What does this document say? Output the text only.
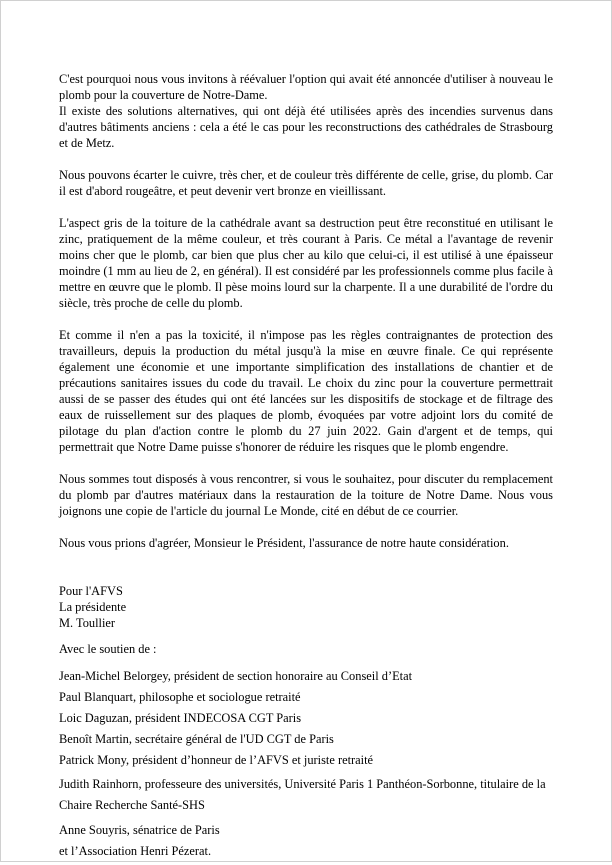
C'est pourquoi nous vous invitons à réévaluer l'option qui avait été annoncée d'utiliser à nouveau le plomb pour la couverture de Notre-Dame.

Il existe des solutions alternatives, qui ont déjà été utilisées après des incendies survenus dans d'autres bâtiments anciens : cela a été le cas pour les reconstructions des cathédrales de Strasbourg et de Metz.

Nous pouvons écarter le cuivre, très cher, et de couleur très différente de celle, grise, du plomb. Car il est d'abord rougeâtre, et peut devenir vert bronze en vieillissant.

L'aspect gris de la toiture de la cathédrale avant sa destruction peut être reconstitué en utilisant le zinc, pratiquement de la même couleur, et très courant à Paris. Ce métal a l'avantage de revenir moins cher que le plomb, car bien que plus cher au kilo que celui-ci, il est utilisé à une épaisseur moindre (1 mm au lieu de 2, en général). Il est considéré par les professionnels comme plus facile à mettre en œuvre que le plomb. Il pèse moins lourd sur la charpente. Il a une durabilité de l'ordre du siècle, très proche de celle du plomb.

Et comme il n'en a pas la toxicité, il n'impose pas les règles contraignantes de protection des travailleurs, depuis la production du métal jusqu'à la mise en œuvre finale. Ce qui représente également une économie et une importante simplification des installations de chantier et de précautions sanitaires issues du code du travail. Le choix du zinc pour la couverture permettrait aussi de se passer des études qui ont été lancées sur les dispositifs de stockage et de filtrage des eaux de ruissellement sur des plaques de plomb, évoquées par votre adjoint lors du comité de pilotage du plan d'action contre le plomb du 27 juin 2022. Gain d'argent et de temps, qui permettrait que Notre Dame puisse s'honorer de réduire les risques que le plomb engendre.

Nous sommes tout disposés à vous rencontrer, si vous le souhaitez, pour discuter du remplacement du plomb par d'autres matériaux dans la restauration de la toiture de Notre Dame. Nous vous joignons une copie de l'article du journal Le Monde, cité en début de ce courrier.

Nous vous prions d'agréer, Monsieur le Président, l'assurance de notre haute considération.

Pour l'AFVS

La présidente

M. Toullier

Avec le soutien de :

Jean-Michel Belorgey, président de section honoraire au Conseil d’Etat

Paul Blanquart, philosophe et sociologue retraité

Loic Daguzan, président INDECOSA CGT Paris

Benoît Martin, secrétaire général de l'UD CGT de Paris

Patrick Mony, président d’honneur de l’AFVS et juriste retraité

Judith Rainhorn, professeure des universités, Université Paris 1 Panthéon-Sorbonne, titulaire de la Chaire Recherche Santé-SHS

Anne Souyris, sénatrice de Paris

et l’Association Henri Pézerat.
